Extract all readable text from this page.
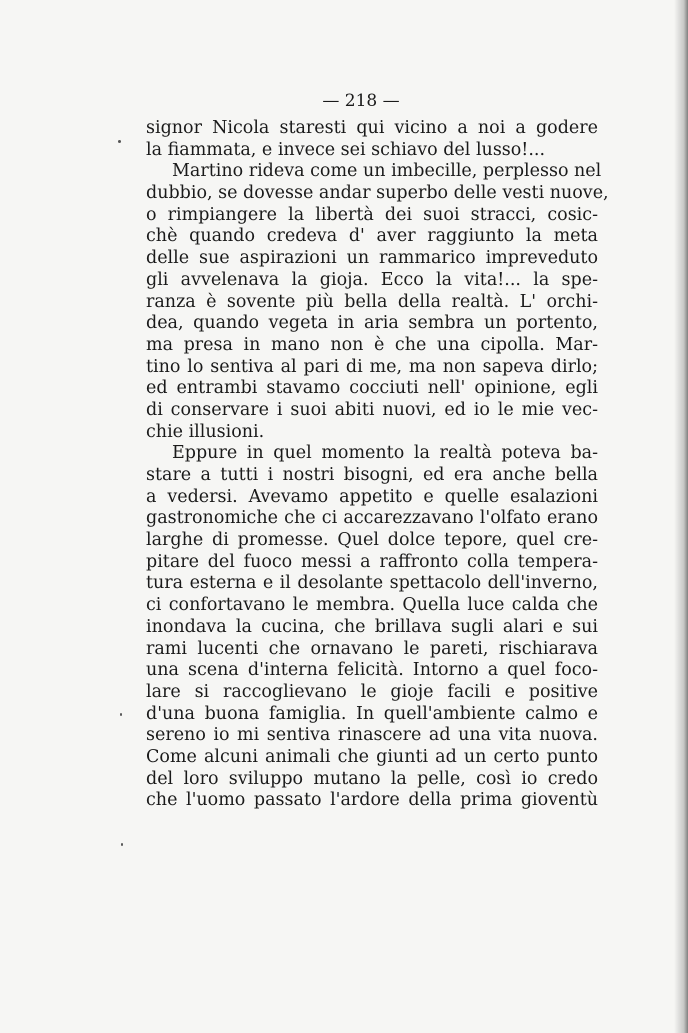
— 218 —

signor Nicola staresti qui vicino a noi a godere
la fiammata, e invece sei schiavo del lusso!...
Martino rideva come un imbecille, perplesso nel
dubbio, se dovesse andar superbo delle vesti nuove,
o rimpiangere la libertà dei suoi stracci, cosic-
chè quando credeva d' aver raggiunto la meta
delle sue aspirazioni un rammarico impreveduto
gli avvelenava la gioja. Ecco la vita!... la spe-
ranza è sovente più bella della realtà. L' orchi-
dea, quando vegeta in aria sembra un portento,
ma presa in mano non è che una cipolla. Mar-
tino lo sentiva al pari di me, ma non sapeva dirlo;
ed entrambi stavamo cocciuti nell' opinione, egli
di conservare i suoi abiti nuovi, ed io le mie vec-
chie illusioni.
Eppure in quel momento la realtà poteva ba-
stare a tutti i nostri bisogni, ed era anche bella
a vedersi. Avevamo appetito e quelle esalazioni
gastronomiche che ci accarezzavano l'olfato erano
larghe di promesse. Quel dolce tepore, quel cre-
pitare del fuoco messi a raffronto colla tempera-
tura esterna e il desolante spettacolo dell'inverno,
ci confortavano le membra. Quella luce calda che
inondava la cucina, che brillava sugli alari e sui
rami lucenti che ornavano le pareti, rischiarava
una scena d'interna felicità. Intorno a quel foco-
lare si raccoglievano le gioje facili e positive
d'una buona famiglia. In quell'ambiente calmo e
sereno io mi sentiva rinascere ad una vita nuova.
Come alcuni animali che giunti ad un certo punto
del loro sviluppo mutano la pelle, così io credo
che l'uomo passato l'ardore della prima gioventù
